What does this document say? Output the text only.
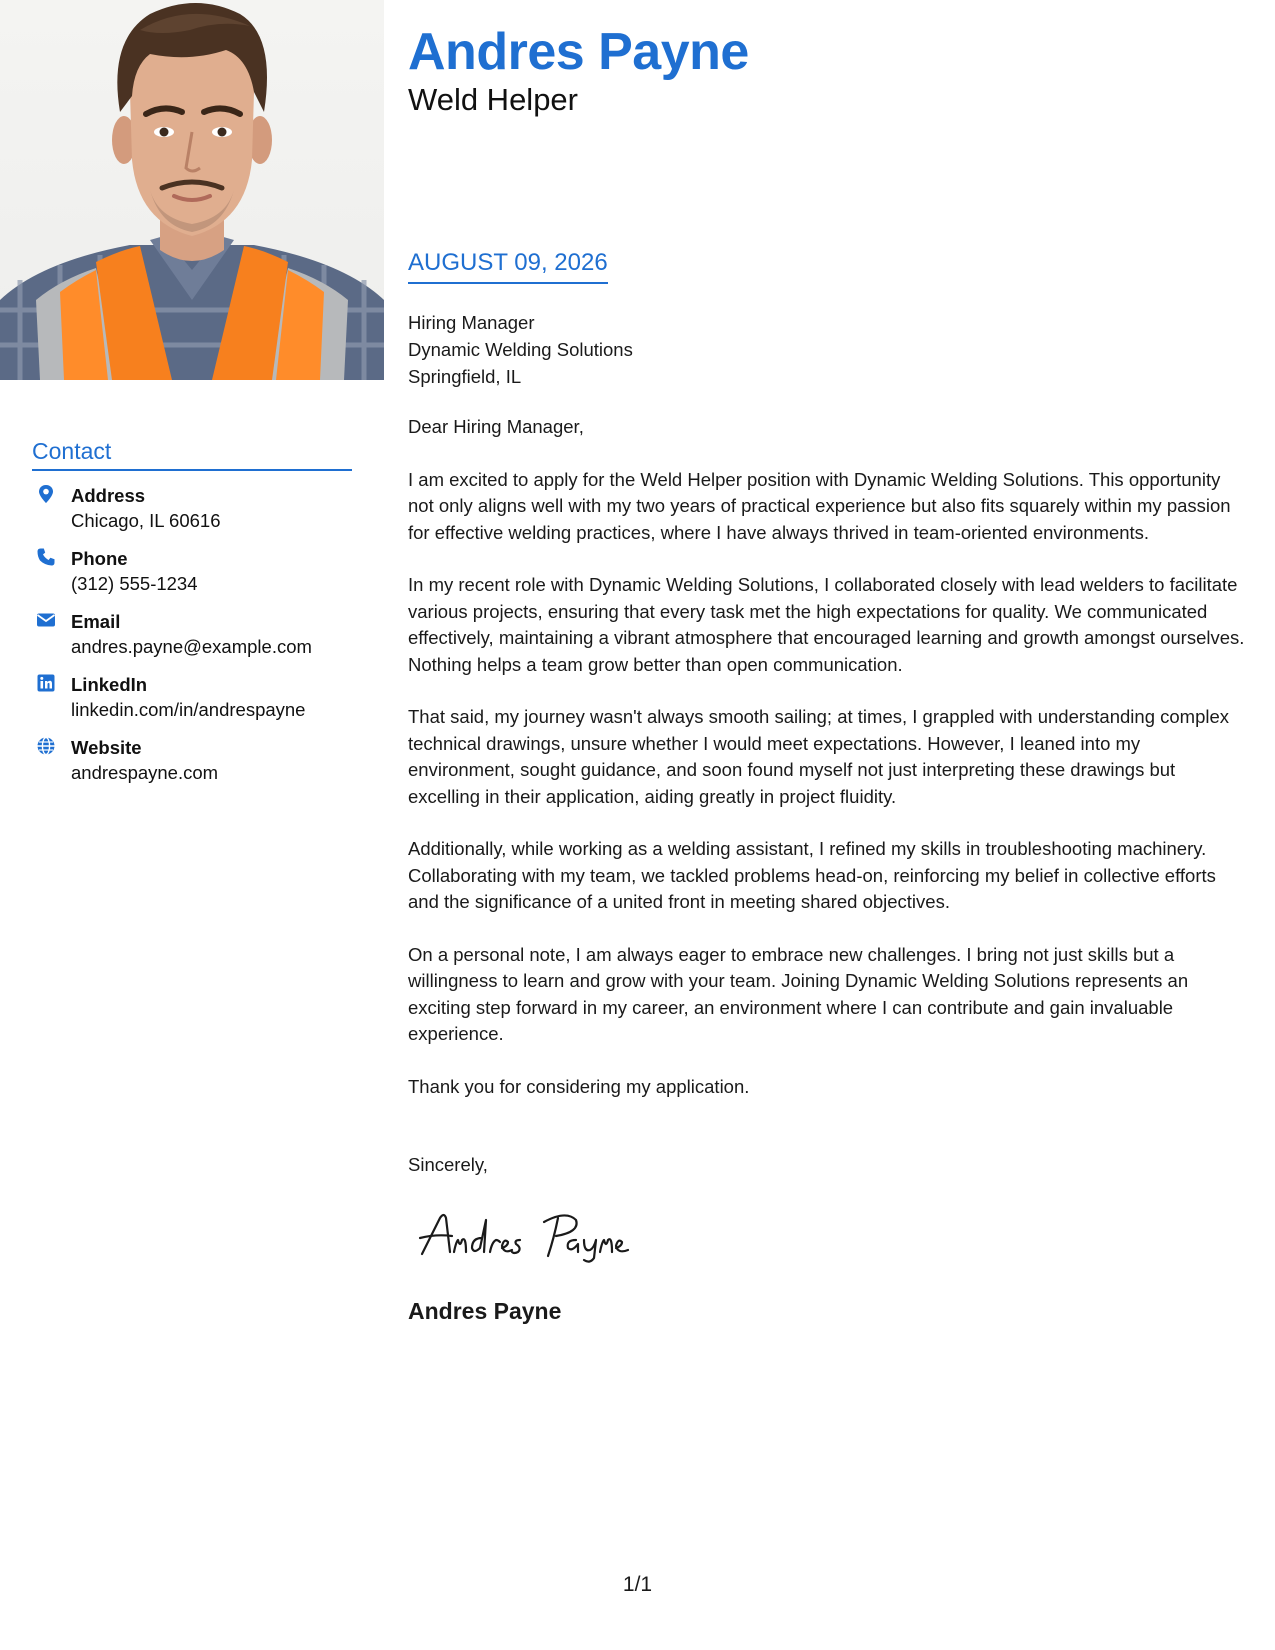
Contact
Address
Chicago, IL 60616
Phone
(312) 555-1234
Email
andres.payne@example.com
LinkedIn
linkedin.com/in/andrespayne
Website
andrespayne.com
Andres Payne
Weld Helper
AUGUST 09, 2026
Hiring Manager
Dynamic Welding Solutions
Springfield, IL

Dear Hiring Manager,

I am excited to apply for the Weld Helper position with Dynamic Welding Solutions. This opportunity not only aligns well with my two years of practical experience but also fits squarely within my passion for effective welding practices, where I have always thrived in team-oriented environments.

In my recent role with Dynamic Welding Solutions, I collaborated closely with lead welders to facilitate various projects, ensuring that every task met the high expectations for quality. We communicated effectively, maintaining a vibrant atmosphere that encouraged learning and growth amongst ourselves. Nothing helps a team grow better than open communication.

That said, my journey wasn't always smooth sailing; at times, I grappled with understanding complex technical drawings, unsure whether I would meet expectations. However, I leaned into my environment, sought guidance, and soon found myself not just interpreting these drawings but excelling in their application, aiding greatly in project fluidity.

Additionally, while working as a welding assistant, I refined my skills in troubleshooting machinery. Collaborating with my team, we tackled problems head-on, reinforcing my belief in collective efforts and the significance of a united front in meeting shared objectives.

On a personal note, I am always eager to embrace new challenges. I bring not just skills but a willingness to learn and grow with your team. Joining Dynamic Welding Solutions represents an exciting step forward in my career, an environment where I can contribute and gain invaluable experience.

Thank you for considering my application.

Sincerely,
Andres Payne
1/1
